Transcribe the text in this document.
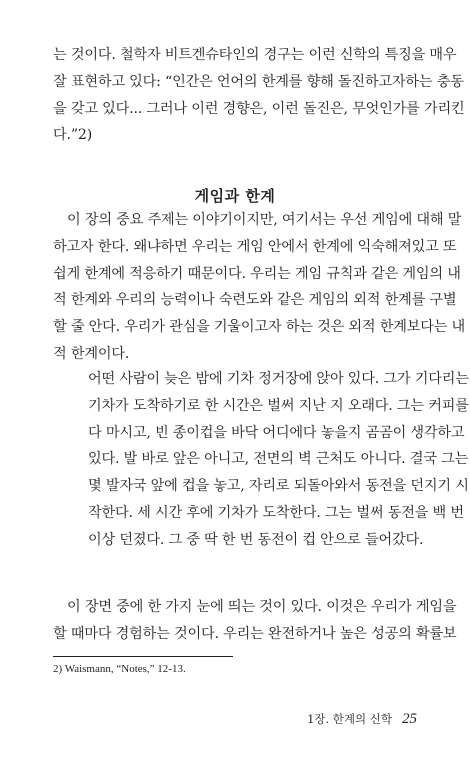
는 것이다. 철학자 비트겐슈타인의 경구는 이런 신학의 특징을 매우
잘 표현하고 있다: “인간은 언어의 한계를 향해 돌진하고자하는 충동
을 갖고 있다... 그러나 이런 경향은, 이런 돌진은, 무엇인가를 가리킨
다.”2)
게임과 한계
이 장의 중요 주제는 이야기이지만, 여기서는 우선 게임에 대해 말
하고자 한다. 왜냐하면 우리는 게임 안에서 한계에 익숙해져있고 또
쉽게 한계에 적응하기 때문이다. 우리는 게임 규칙과 같은 게임의 내
적 한계와 우리의 능력이나 숙련도와 같은 게임의 외적 한계를 구별
할 줄 안다. 우리가 관심을 기울이고자 하는 것은 외적 한계보다는 내
적 한계이다.
어떤 사람이 늦은 밤에 기차 정거장에 앉아 있다. 그가 기다리는
기차가 도착하기로 한 시간은 벌써 지난 지 오래다. 그는 커피를
다 마시고, 빈 종이컵을 바닥 어디에다 놓을지 곰곰이 생각하고
있다. 발 바로 앞은 아니고, 전면의 벽 근처도 아니다. 결국 그는
몇 발자국 앞에 컵을 놓고, 자리로 되돌아와서 동전을 던지기 시
작한다. 세 시간 후에 기차가 도착한다. 그는 벌써 동전을 백 번
이상 던졌다. 그 중 딱 한 번 동전이 컵 안으로 들어갔다.
이 장면 중에 한 가지 눈에 띄는 것이 있다. 이것은 우리가 게임을
할 때마다 경험하는 것이다. 우리는 완전하거나 높은 성공의 확률보
2) Waismann, “Notes,” 12-13.
1장. 한계의 신학 25
